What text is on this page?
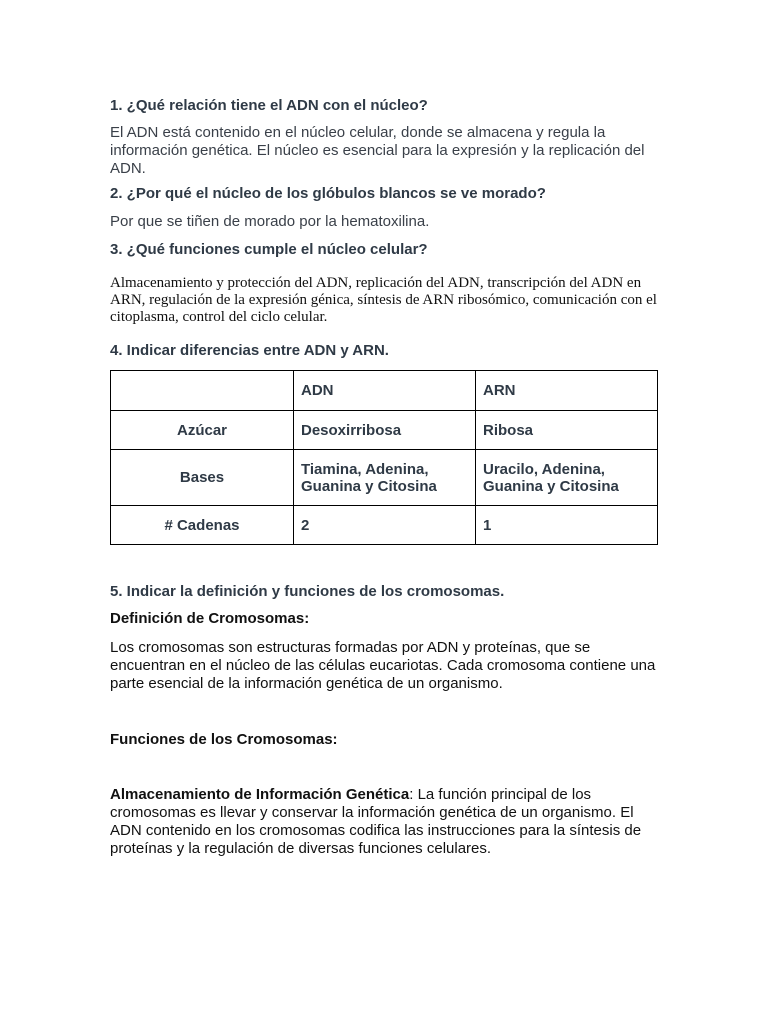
1. ¿Qué relación tiene el ADN con el núcleo?
El ADN está contenido en el núcleo celular, donde se almacena y regula la información genética. El núcleo es esencial para la expresión y la replicación del ADN.
2. ¿Por qué el núcleo de los glóbulos blancos se ve morado?
Por que se tiñen de morado por la hematoxilina.
3. ¿Qué funciones cumple el núcleo celular?
Almacenamiento y protección del ADN, replicación del ADN, transcripción del ADN en ARN, regulación de la expresión génica, síntesis de ARN ribosómico, comunicación con el citoplasma, control del ciclo celular.
4. Indicar diferencias entre ADN y ARN.
	ADN	ARN
Azúcar	Desoxirribosa	Ribosa
Bases	Tiamina, Adenina, Guanina y Citosina	Uracilo, Adenina, Guanina y Citosina
# Cadenas	2	1
5. Indicar la definición y funciones de los cromosomas.
Definición de Cromosomas:
Los cromosomas son estructuras formadas por ADN y proteínas, que se encuentran en el núcleo de las células eucariotas. Cada cromosoma contiene una parte esencial de la información genética de un organismo.
Funciones de los Cromosomas:
Almacenamiento de Información Genética: La función principal de los cromosomas es llevar y conservar la información genética de un organismo. El ADN contenido en los cromosomas codifica las instrucciones para la síntesis de proteínas y la regulación de diversas funciones celulares.
